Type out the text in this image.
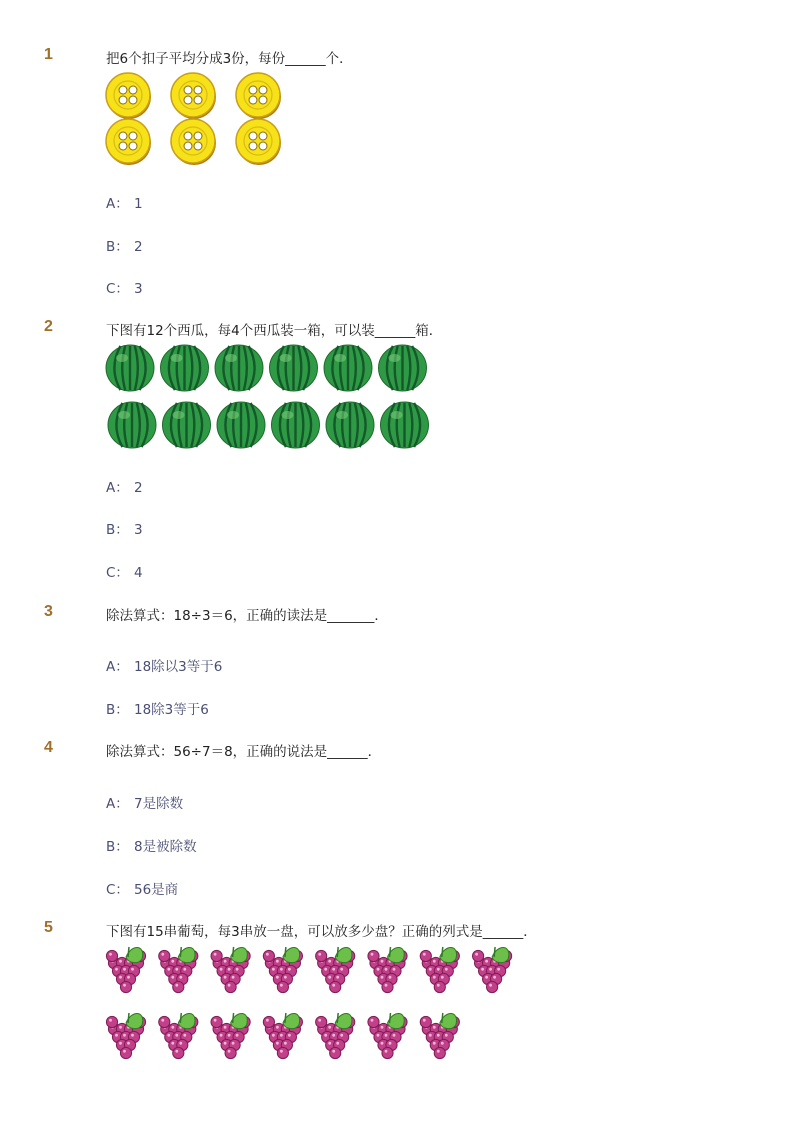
1	把6个扣子平均分成3份，每份______个．
A： 1
B： 2
C： 3
2	下图有12个西瓜，每4个西瓜装一箱，可以装______箱．
A： 2
B： 3
C： 4
3	除法算式：18÷3＝6，正确的读法是_______．
A： 18除以3等于6
B： 18除3等于6
4	除法算式：56÷7＝8，正确的说法是______．
A： 7是除数
B： 8是被除数
C： 56是商
5	下图有15串葡萄，每3串放一盘，可以放多少盘？正确的列式是______．
